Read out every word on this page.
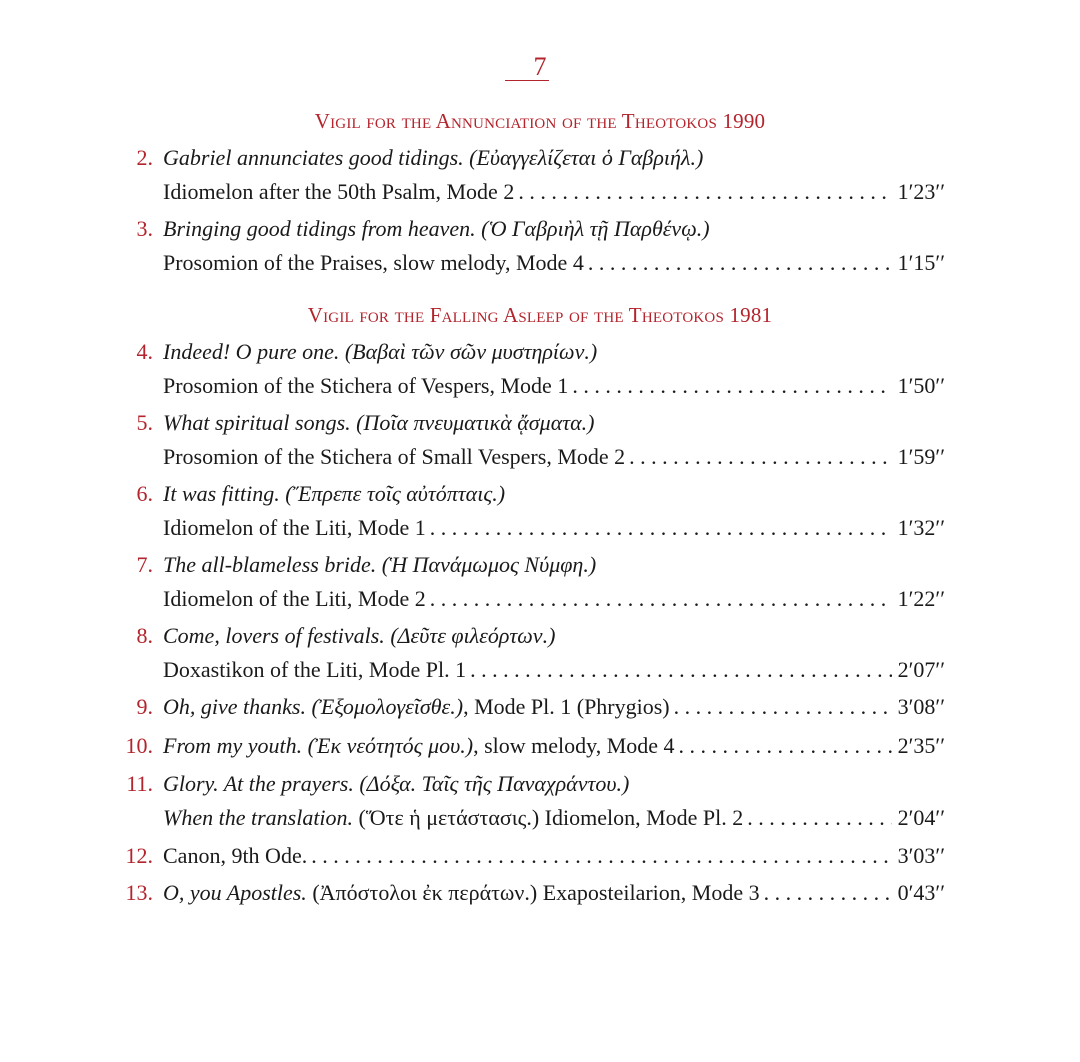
7
Vigil for the Annunciation of the Theotokos 1990
2. Gabriel annunciates good tidings. (Εὐαγγελίζεται ὁ Γαβριήλ.)
Idiomelon after the 50th Psalm, Mode 2 . . .	1′23′′
3. Bringing good tidings from heaven. (Ὁ Γαβριὴλ τῇ Παρθένῳ.)
Prosomion of the Praises, slow melody, Mode 4 . . .	1′15′′
Vigil for the Falling Asleep of the Theotokos 1981
4. Indeed! O pure one. (Βαβαὶ τῶν σῶν μυστηρίων.)
Prosomion of the Stichera of Vespers, Mode 1 . . .	1′50′′
5. What spiritual songs. (Ποῖα πνευματικὰ ᾄσματα.)
Prosomion of the Stichera of Small Vespers, Mode 2 . . .	1′59′′
6. It was fitting. (Ἔπρεπε τοῖς αὐτόπταις.)
Idiomelon of the Liti, Mode 1 . . .	1′32′′
7. The all-blameless bride. (Ἡ Πανάμωμος Νύμφη.)
Idiomelon of the Liti, Mode 2 . . .	1′22′′
8. Come, lovers of festivals. (Δεῦτε φιλεόρτων.)
Doxastikon of the Liti, Mode Pl. 1 . . .	2′07′′
9. Oh, give thanks. (Ἐξομολογεῖσθε.), Mode Pl. 1 (Phrygios) . . .	3′08′′
10. From my youth. (Ἐκ νεότητός μου.), slow melody, Mode 4 . . .	2′35′′
11. Glory. At the prayers. (Δόξα. Ταῖς τῆς Παναχράντου.)
When the translation. (Ὅτε ἡ μετάστασις.) Idiomelon, Mode Pl. 2 . . .	2′04′′
12. Canon, 9th Ode. . . .	3′03′′
13. O, you Apostles. (Ἀπόστολοι ἐκ περάτων.) Exaposteilarion, Mode 3 . . .	0′43′′
